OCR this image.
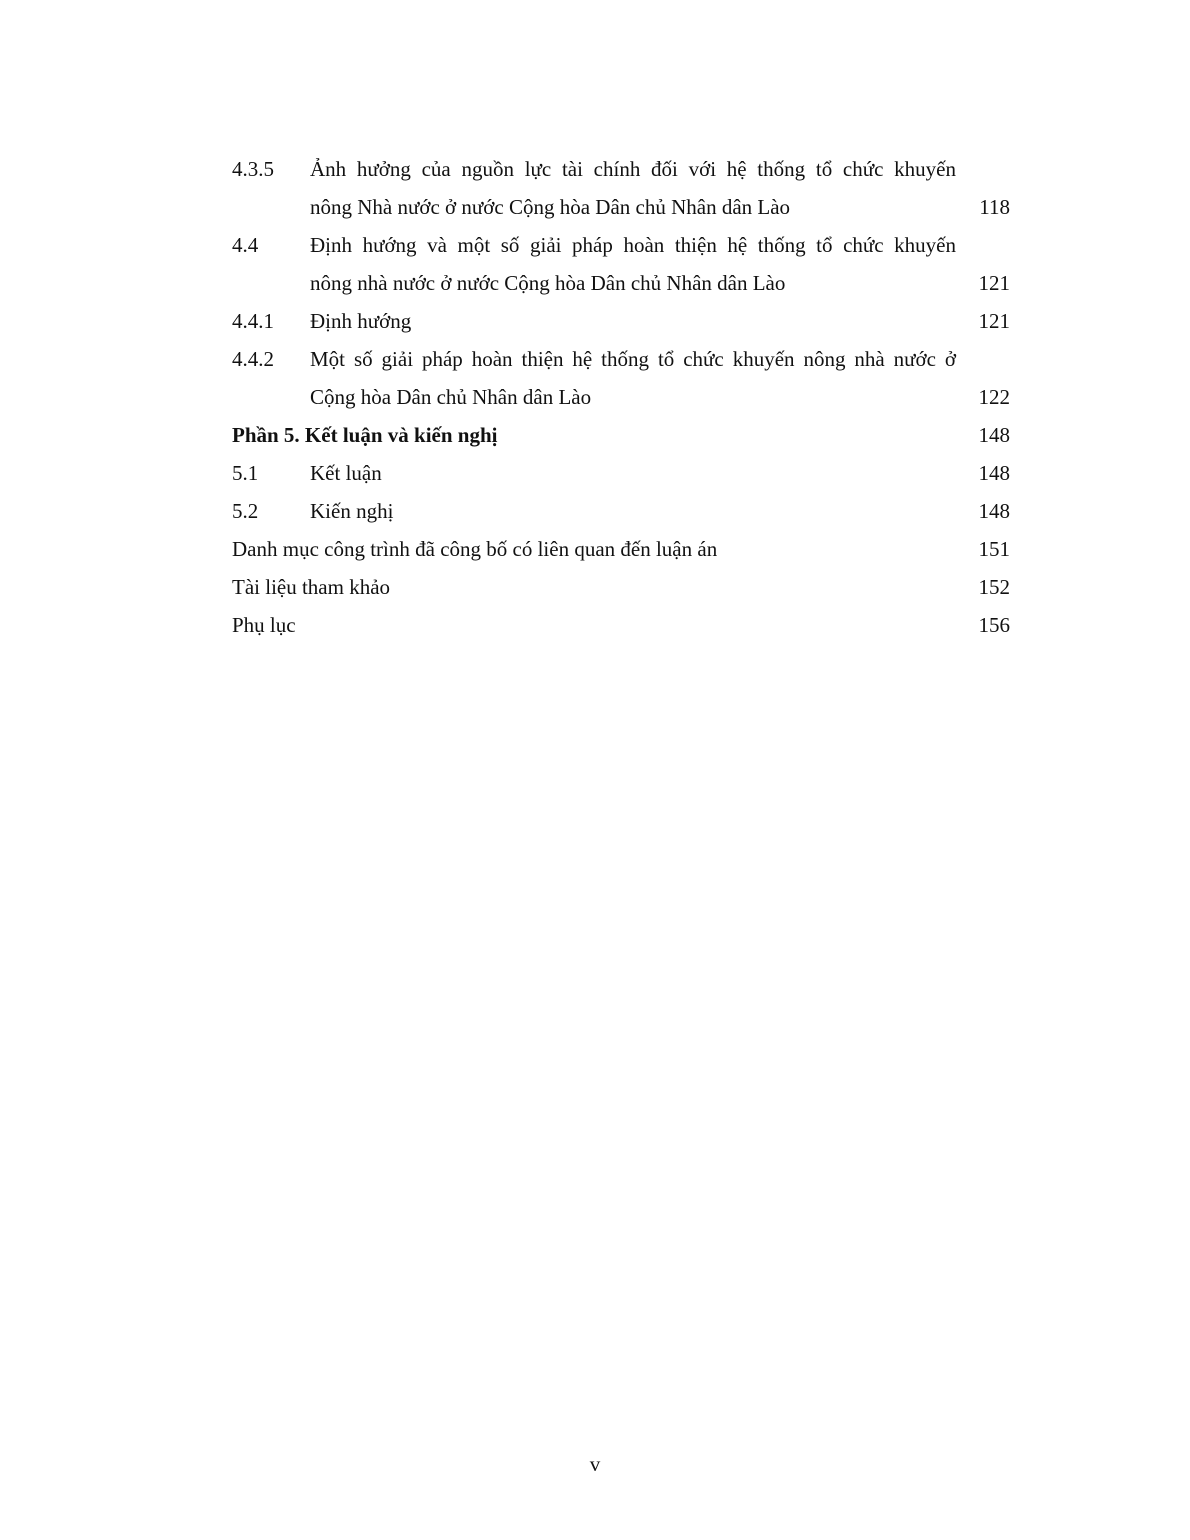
4.3.5 Ảnh hưởng của nguồn lực tài chính đối với hệ thống tổ chức khuyến
nông Nhà nước ở nước Cộng hòa Dân chủ Nhân dân Lào	118
4.4 Định hướng và một số giải pháp hoàn thiện hệ thống tổ chức khuyến
nông nhà nước ở nước Cộng hòa Dân chủ Nhân dân Lào	121
4.4.1 Định hướng	121
4.4.2 Một số giải pháp hoàn thiện hệ thống tổ chức khuyến nông nhà nước ở
Cộng hòa Dân chủ Nhân dân Lào	122
Phần 5. Kết luận và kiến nghị	148
5.1 Kết luận	148
5.2 Kiến nghị	148
Danh mục công trình đã công bố có liên quan đến luận án	151
Tài liệu tham khảo	152
Phụ lục	156
v
